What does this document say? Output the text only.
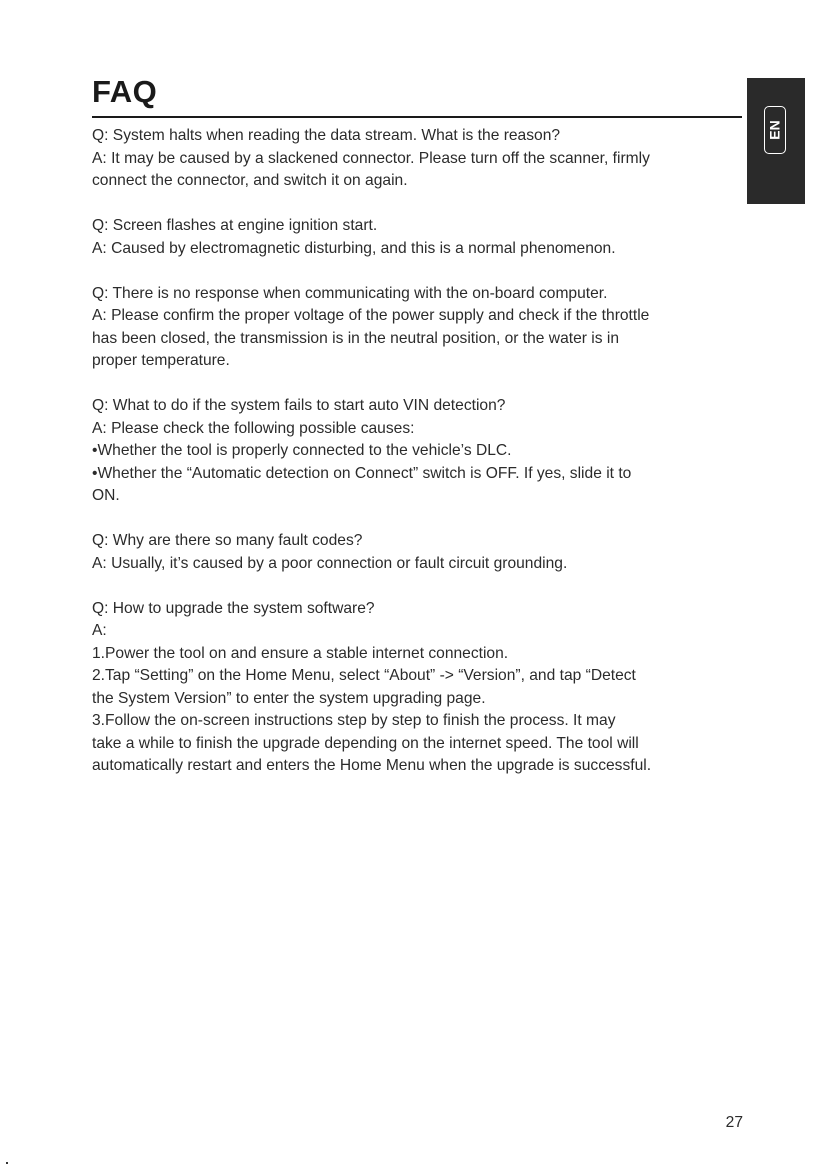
FAQ
EN
Q: System halts when reading the data stream. What is the reason?
A: It may be caused by a slackened connector. Please turn off the scanner, firmly
connect the connector, and switch it on again.
Q: Screen flashes at engine ignition start.
A: Caused by electromagnetic disturbing, and this is a normal phenomenon.
Q: There is no response when communicating with the on-board computer.
A: Please confirm the proper voltage of the power supply and check if the throttle
has been closed, the transmission is in the neutral position, or the water is in
proper temperature.
Q: What to do if the system fails to start auto VIN detection?
A: Please check the following possible causes:
•Whether the tool is properly connected to the vehicle’s DLC.
•Whether the “Automatic detection on Connect” switch is OFF. If yes, slide it to
ON.
Q: Why are there so many fault codes?
A: Usually, it’s caused by a poor connection or fault circuit grounding.
Q: How to upgrade the system software?
A:
1.Power the tool on and ensure a stable internet connection.
2.Tap “Setting” on the Home Menu, select “About” -> “Version”, and tap “Detect
the System Version” to enter the system upgrading page.
3.Follow the on-screen instructions step by step to finish the process. It may
take a while to finish the upgrade depending on the internet speed. The tool will
automatically restart and enters the Home Menu when the upgrade is successful.
27
